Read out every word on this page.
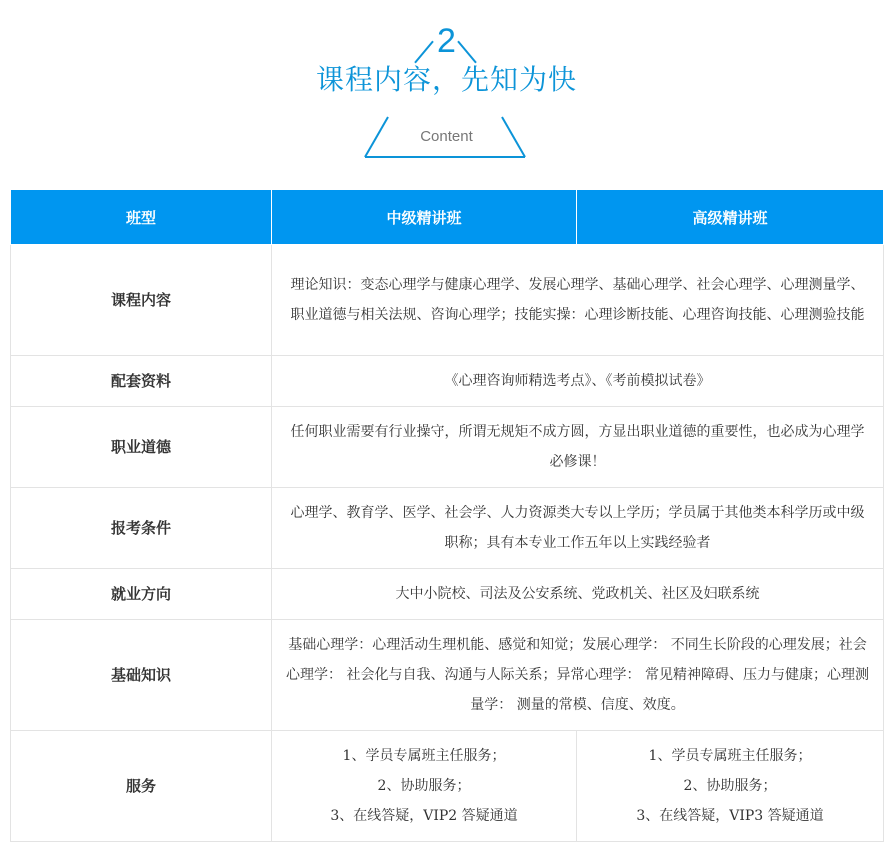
2
课程内容，先知为快
Content
班型	中级精讲班	高级精讲班
课程内容	理论知识：变态心理学与健康心理学、发展心理学、基础心理学、社会心理学、心理测量学、职业道德与相关法规、咨询心理学；技能实操：心理诊断技能、心理咨询技能、心理测验技能	
配套资料	《心理咨询师精选考点》、《考前模拟试卷》	
职业道德	任何职业需要有行业操守，所谓无规矩不成方圆，方显出职业道德的重要性，也必成为心理学必修课！	
报考条件	心理学、教育学、医学、社会学、人力资源类大专以上学历；学员属于其他类本科学历或中级职称；具有本专业工作五年以上实践经验者	
就业方向	大中小院校、司法及公安系统、党政机关、社区及妇联系统	
基础知识	基础心理学：心理活动生理机能、感觉和知觉；发展心理学： 不同生长阶段的心理发展；社会心理学： 社会化与自我、沟通与人际关系；异常心理学： 常见精神障碍、压力与健康；心理测量学： 测量的常模、信度、效度。	
服务	1、学员专属班主任服务；
2、协助服务；
3、在线答疑，VIP2 答疑通道	1、学员专属班主任服务；
2、协助服务；
3、在线答疑，VIP3 答疑通道
